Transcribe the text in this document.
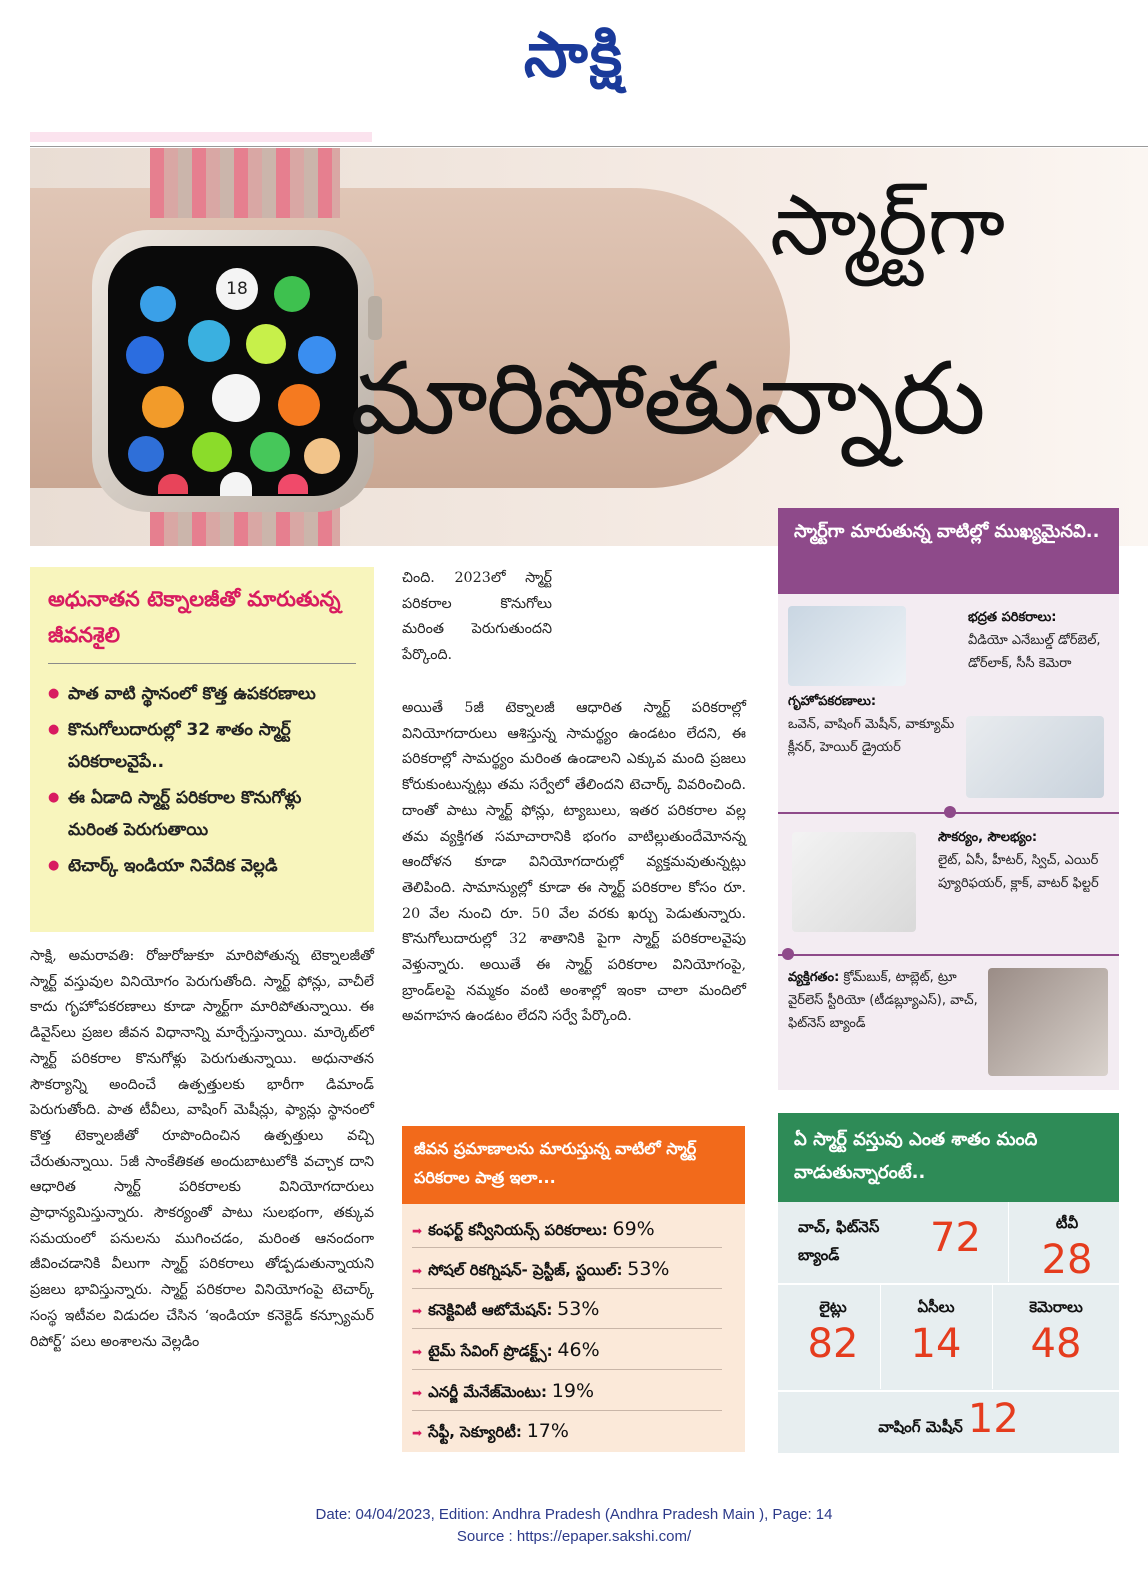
సాక్షి
18
స్మార్ట్‌గా
మారిపోతున్నారు
అధునాతన టెక్నాలజీతో మారుతున్న జీవనశైలి
● పాత వాటి స్థానంలో కొత్త ఉపకరణాలు
● కొనుగోలుదారుల్లో 32 శాతం స్మార్ట్ పరికరాలవైపే..
● ఈ ఏడాది స్మార్ట్ పరికరాల కొనుగోళ్లు మరింత పెరుగుతాయి
● టెచార్క్ ఇండియా నివేదిక వెల్లడి

సాక్షి, అమరావతి: రోజురోజుకూ మారిపోతున్న టెక్నాలజీతో స్మార్ట్ వస్తువుల వినియోగం పెరుగుతోంది. స్మార్ట్ ఫోన్లు, వాచీలే కాదు గృహోపకరణాలు కూడా స్మార్ట్‌గా మారిపోతున్నాయి. ఈ డివైస్‌లు ప్రజల జీవన విధానాన్ని మార్చేస్తున్నాయి. మార్కెట్‌లో స్మార్ట్ పరికరాల కొనుగోళ్లు పెరుగుతున్నాయి. అధునాతన సౌకర్యాన్ని అందించే ఉత్పత్తులకు భారీగా డిమాండ్ పెరుగుతోంది. పాత టీవీలు, వాషింగ్ మెషీన్లు, ఫ్యాన్లు స్థానంలో కొత్త టెక్నాలజీతో రూపొందించిన ఉత్పత్తులు వచ్చి చేరుతున్నాయి. 5జీ సాంకేతికత అందుబాటులోకి వచ్చాక దాని ఆధారిత స్మార్ట్ పరికరాలకు వినియోగదారులు ప్రాధాన్యమిస్తున్నారు. సౌకర్యంతో పాటు సులభంగా, తక్కువ సమయంలో పనులను ముగించడం, మరింత ఆనందంగా జీవించడానికి వీలుగా స్మార్ట్ పరికరాలు తోడ్పడుతున్నాయని ప్రజలు భావిస్తున్నారు. స్మార్ట్ పరికరాల వినియోగంపై టెచార్క్ సంస్థ ఇటీవల విడుదల చేసిన ‘ఇండియా కనెక్టెడ్ కన్స్యూమర్ రిపోర్ట్’ పలు అంశాలను వెల్లడిం

చింది. 2023లో స్మార్ట్ పరికరాల కొనుగోలు మరింత పెరుగుతుందని పేర్కొంది.

అయితే 5జీ టెక్నాలజీ ఆధారిత స్మార్ట్ పరికరాల్లో వినియోగదారులు ఆశిస్తున్న సామర్థ్యం ఉండటం లేదని, ఈ పరికరాల్లో సామర్థ్యం మరింత ఉండాలని ఎక్కువ మంది ప్రజలు కోరుకుంటున్నట్లు తమ సర్వేలో తేలిందని టెచార్క్ వివరించింది. దాంతో పాటు స్మార్ట్ ఫోన్లు, ట్యాబులు, ఇతర పరికరాల వల్ల తమ వ్యక్తిగత సమాచారానికి భంగం వాటిల్లుతుందేమోనన్న ఆందోళన కూడా వినియోగదారుల్లో వ్యక్తమవుతున్నట్లు తెలిపింది. సామాన్యుల్లో కూడా ఈ స్మార్ట్ పరికరాల కోసం రూ. 20 వేల నుంచి రూ. 50 వేల వరకు ఖర్చు పెడుతున్నారు. కొనుగోలుదారుల్లో 32 శాతానికి పైగా స్మార్ట్ పరికరాలవైపు వెళ్తున్నారు. అయితే ఈ స్మార్ట్ పరికరాల వినియోగంపై, బ్రాండ్‌లపై నమ్మకం వంటి అంశాల్లో ఇంకా చాలా మందిలో అవగాహన ఉండటం లేదని సర్వే పేర్కొంది.

స్మార్ట్‌గా మారుతున్న వాటిల్లో ముఖ్యమైనవి..
భద్రత పరికరాలు:
వీడియో ఎనేబుల్డ్ డోర్‌బెల్, డోర్‌లాక్, సీసీ కెమెరా
గృహోపకరణాలు:
ఒవెన్, వాషింగ్ మెషీన్, వాక్యూమ్ క్లీనర్, హెయిర్ డ్రైయర్
సౌకర్యం, సౌలభ్యం:
లైట్, ఏసీ, హీటర్, స్విచ్, ఎయిర్ ప్యూరిఫయర్, క్లాక్, వాటర్ ఫిల్టర్
వ్యక్తిగతం: క్రోమ్‌బుక్, టాబ్లెట్, ట్రూ వైర్‌లెస్ స్టీరియో (టీడబ్ల్యూఎస్), వాచ్, ఫిట్‌నెస్ బ్యాండ్
జీవన ప్రమాణాలను మారుస్తున్న వాటిలో స్మార్ట్ పరికరాల పాత్ర ఇలా...
➡ కంఫర్ట్ కన్వీనియన్స్ పరికరాలు: 69%
➡ సోషల్ రికగ్నిషన్- ప్రెస్టీజ్, స్టయిల్: 53%
➡ కనెక్టివిటీ ఆటోమేషన్: 53%
➡ టైమ్ సేవింగ్ ప్రొడక్ట్స్: 46%
➡ ఎనర్జీ మేనేజ్‌మెంటు: 19%
➡ సేఫ్టీ, సెక్యూరిటీ: 17%
ఏ స్మార్ట్ వస్తువు ఎంత శాతం మంది వాడుతున్నారంటే..
వాచ్, ఫిట్‌నెస్ బ్యాండ్	72	టీవీ
28
లైట్లు
82
ఏసీలు
14
కెమెరాలు
48
వాషింగ్ మెషీన్ 12
Date: 04/04/2023, Edition: Andhra Pradesh (Andhra Pradesh Main ), Page: 14
Source : https://epaper.sakshi.com/
